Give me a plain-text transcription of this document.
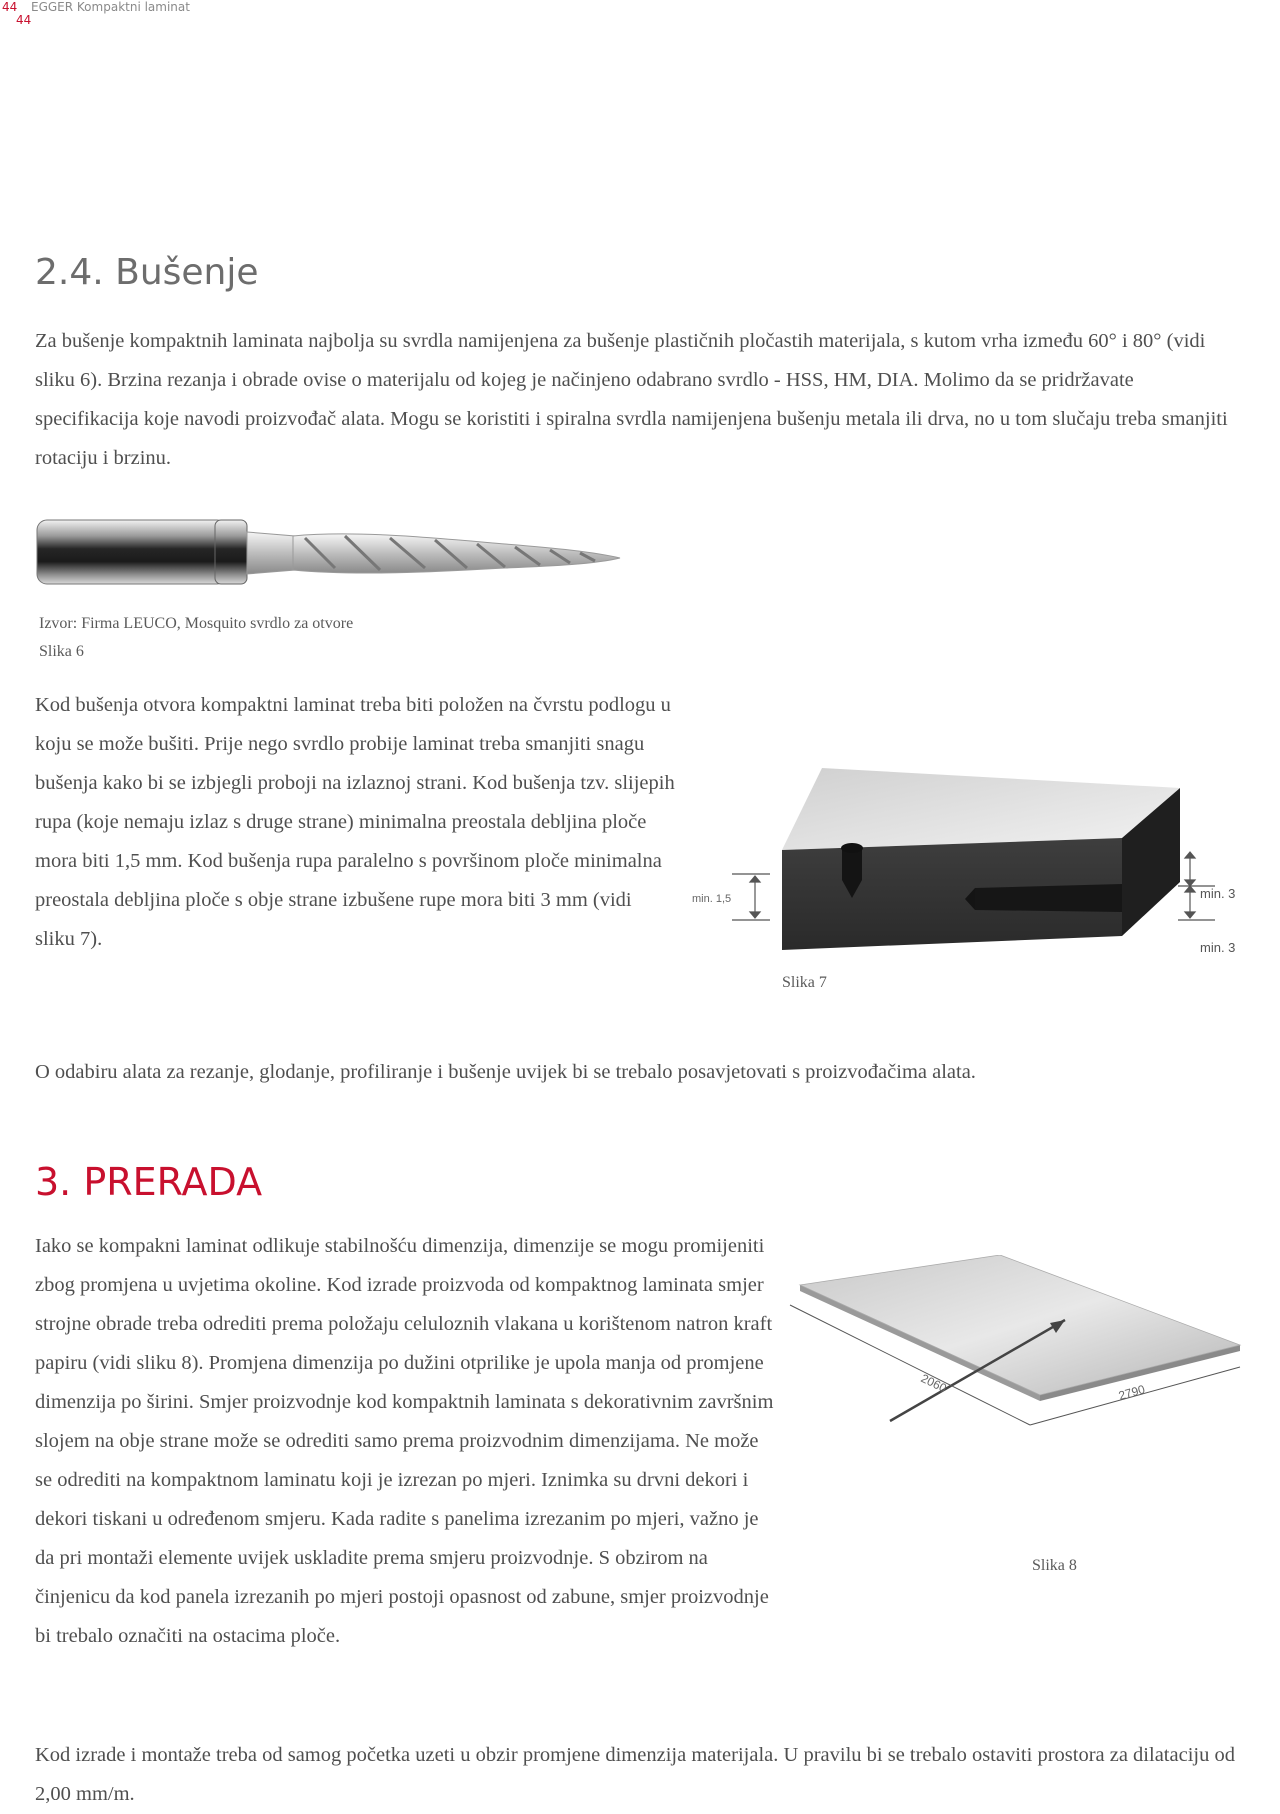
44
44
EGGER Kompaktni laminat
2.4. Bušenje

Za bušenje kompaktnih laminata najbolja su svrdla namijenjena za bušenje plastičnih pločastih materijala, s kutom vrha između 60° i 80° (vidi sliku 6). Brzina rezanja i obrade ovise o materijalu od kojeg je načinjeno odabrano svrdlo - HSS, HM, DIA. Molimo da se pridržavate specifikacija koje navodi proizvođač alata. Mogu se koristiti i spiralna svrdla namijenjena bušenju metala ili drva, no u tom slučaju treba smanjiti rotaciju i brzinu.

Izvor: Firma LEUCO, Mosquito svrdlo za otvore
Slika 6

Kod bušenja otvora kompaktni laminat treba biti položen na čvrstu podlogu u koju se može bušiti. Prije nego svrdlo probije laminat treba smanjiti snagu bušenja kako bi se izbjegli proboji na izlaznoj strani. Kod bušenja tzv. slijepih rupa (koje nemaju izlaz s druge strane) minimalna preostala debljina ploče mora biti 1,5 mm. Kod bušenja rupa paralelno s površinom ploče minimalna preostala debljina ploče s obje strane izbušene rupe mora biti 3 mm (vidi sliku 7).

min. 1,5	min. 3
min. 3
Slika 7

O odabiru alata za rezanje, glodanje, profiliranje i bušenje uvijek bi se trebalo posavjetovati s proizvođačima alata.

3. PRERADA

Iako se kompakni laminat odlikuje stabilnošću dimenzija, dimenzije se mogu promijeniti zbog promjena u uvjetima okoline. Kod izrade proizvoda od kompaktnog laminata smjer strojne obrade treba odrediti prema položaju celuloznih vlakana u korištenom natron kraft papiru (vidi sliku 8). Promjena dimenzija po dužini otprilike je upola manja od promjene dimenzija po širini. Smjer proizvodnje kod kompaktnih laminata s dekorativnim završnim slojem na obje strane može se odrediti samo prema proizvodnim dimenzijama. Ne može se odrediti na kompaktnom laminatu koji je izrezan po mjeri. Iznimka su drvni dekori i dekori tiskani u određenom smjeru. Kada radite s panelima izrezanim po mjeri, važno je da pri montaži elemente uvijek uskladite prema smjeru proizvodnje. S obzirom na činjenicu da kod panela izrezanih po mjeri postoji opasnost od zabune, smjer proizvodnje bi trebalo označiti na ostacima ploče.

2060	2790
Slika 8

Kod izrade i montaže treba od samog početka uzeti u obzir promjene dimenzija materijala. U pravilu bi se trebalo ostaviti prostora za dilataciju od 2,00 mm/m.
